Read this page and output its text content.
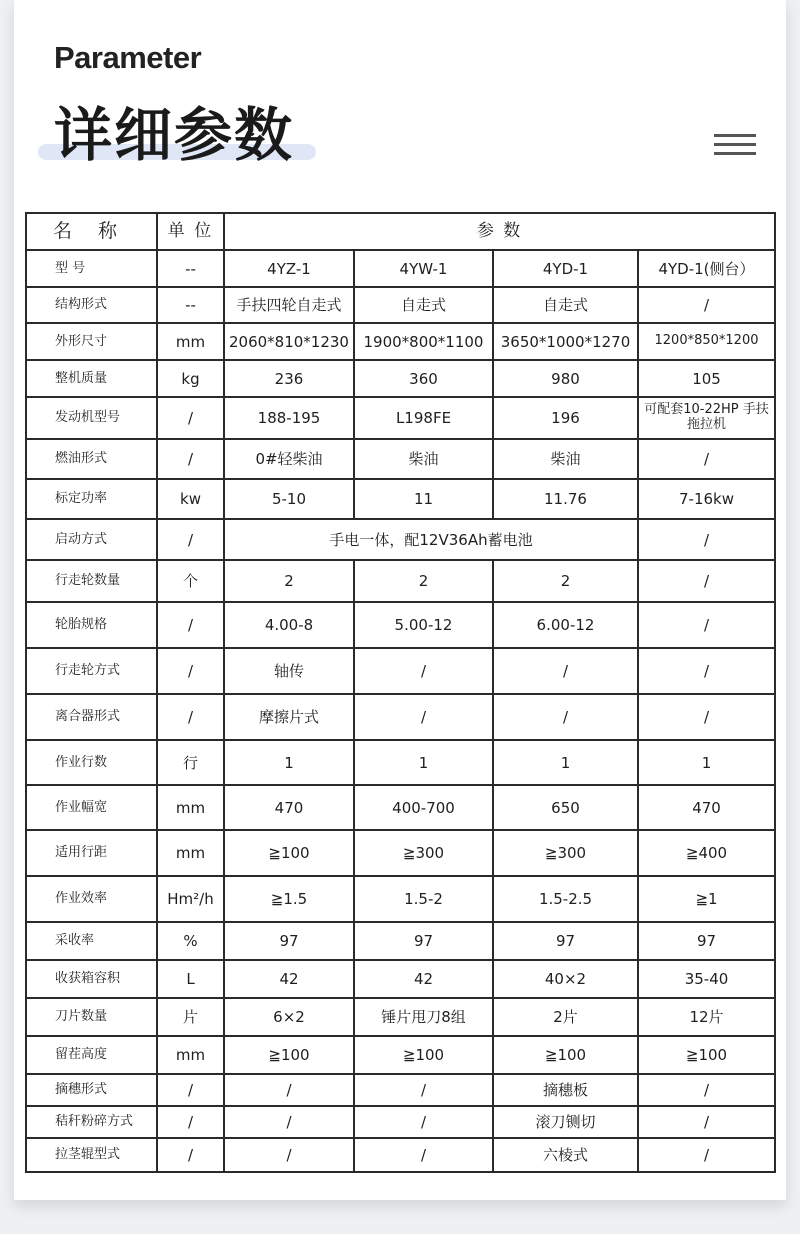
Parameter
详细参数
名 称	单 位	参 数			
型 号	--	4YZ-1	4YW-1	4YD-1	4YD-1(侧台）
结构形式	--	手扶四轮自走式	自走式	自走式	/
外形尺寸	mm	2060*810*1230	1900*800*1100	3650*1000*1270	1200*850*1200
整机质量	kg	236	360	980	105
发动机型号	/	188-195	L198FE	196	可配套10-22HP 手扶拖拉机
燃油形式	/	0#轻柴油	柴油	柴油	/
标定功率	kw	5-10	11	11.76	7-16kw
启动方式	/	手电一体，配12V36Ah蓄电池			/
行走轮数量	个	2	2	2	/
轮胎规格	/	4.00-8	5.00-12	6.00-12	/
行走轮方式	/	轴传	/	/	/
离合器形式	/	摩擦片式	/	/	/
作业行数	行	1	1	1	1
作业幅宽	mm	470	400-700	650	470
适用行距	mm	≧100	≧300	≧300	≧400
作业效率	Hm²/h	≧1.5	1.5-2	1.5-2.5	≧1
采收率	%	97	97	97	97
收获箱容积	L	42	42	40×2	35-40
刀片数量	片	6×2	锤片甩刀8组	2片	12片
留茬高度	mm	≧100	≧100	≧100	≧100
摘穗形式	/	/	/	摘穗板	/
秸秆粉碎方式	/	/	/	滚刀铡切	/
拉茎辊型式	/	/	/	六棱式	/
